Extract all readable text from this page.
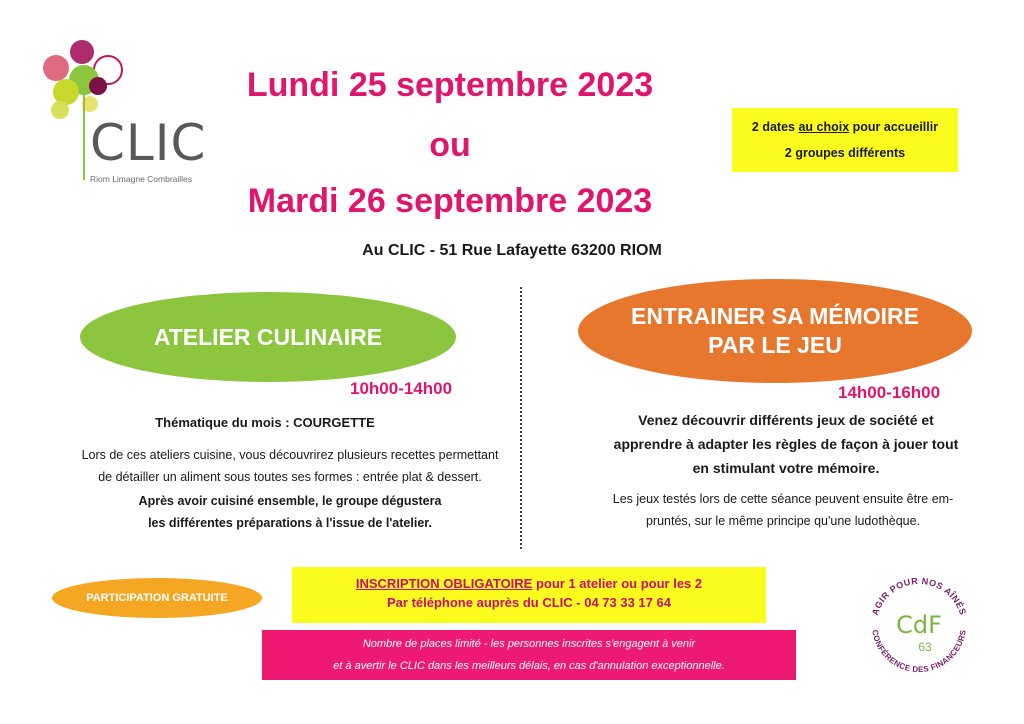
CLIC
Riom Limagne Combrailles
Lundi 25 septembre 2023
ou
Mardi 26 septembre 2023
2 dates au choix pour accueillir
2 groupes différents
Au CLIC - 51 Rue Lafayette 63200 RIOM
ATELIER CULINAIRE
10h00-14h00
Thématique du mois : COURGETTE
Lors de ces ateliers cuisine, vous découvrirez plusieurs recettes permettant
de détailler un aliment sous toutes ses formes : entrée plat & dessert.
Après avoir cuisiné ensemble, le groupe dégustera
les différentes préparations à l'issue de l'atelier.
ENTRAINER SA MÉMOIRE
PAR LE JEU
14h00-16h00
Venez découvrir différents jeux de société et
apprendre à adapter les règles de façon à jouer tout
en stimulant votre mémoire.
Les jeux testés lors de cette séance peuvent ensuite être em-
pruntés, sur le même principe qu'une ludothèque.
PARTICIPATION GRATUITE
INSCRIPTION OBLIGATOIRE pour 1 atelier ou pour les 2
Par téléphone auprès du CLIC - 04 73 33 17 64
Nombre de places limité - les personnes inscrites s'engagent à venir
et à avertir le CLIC dans les meilleurs délais, en cas d'annulation exceptionnelle.
AGIR POUR NOS AÎNÉS
CONFÉRENCE DES FINANCEURS
CdF
63
